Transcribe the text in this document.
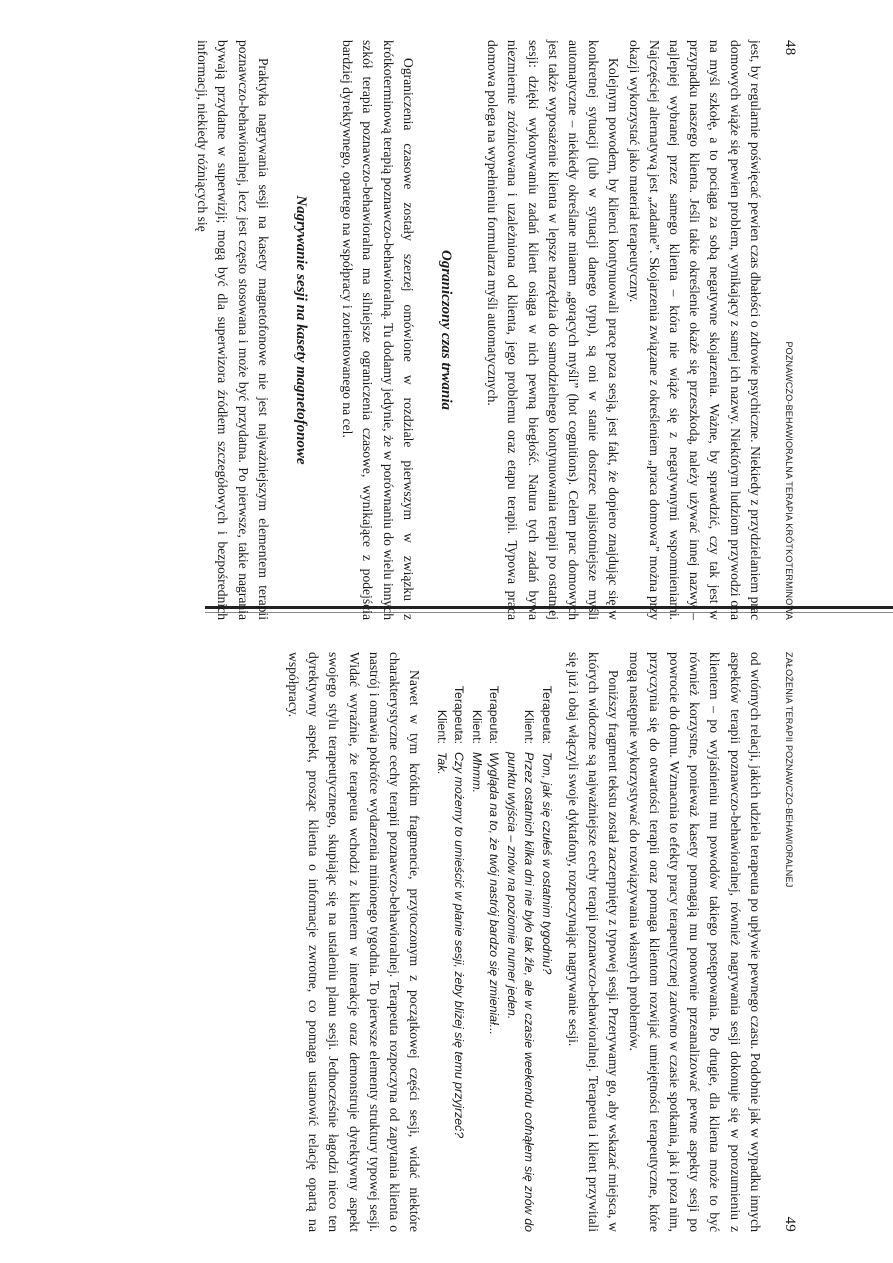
48
POZNAWCZO-BEHAWIORALNA TERAPIA KRÓTKOTERMINOWA

jest, by regularnie poświęcać pewien czas dbałości o zdrowie psychiczne. Niekiedy z przydzielaniem prac domowych wiąże się pewien problem, wynikający z samej ich nazwy. Niektórym ludziom przywodzi ona na myśl szkołę, a to pociąga za sobą negatywne skojarzenia. Ważne, by sprawdzić, czy tak jest w przypadku naszego klienta. Jeśli takie określenie okaże się przeszkodą, należy używać innej nazwy – najlepiej wybranej przez samego klienta – która nie wiąże się z negatywnymi wspomnieniami. Najczęściej alternatywą jest „zadanie”. Skojarzenia związane z określeniem „praca domowa” można przy okazji wykorzystać jako materiał terapeutyczny.

Kolejnym powodem, by klienci kontynuowali pracę poza sesją, jest fakt, że dopiero znajdując się w konkretnej sytuacji (lub w sytuacji danego typu), są oni w stanie dostrzec najistotniejsze myśli automatyczne – niekiedy określane mianem „gorących myśli” (hot cognitions). Celem prac domowych jest także wyposażenie klienta w lepsze narzędzia do samodzielnego kontynuowania terapii po ostatniej sesji: dzięki wykonywaniu zadań klient osiąga w nich pewną biegłość. Natura tych zadań bywa niezmiernie zróżnicowana i uzależniona od klienta, jego problemu oraz etapu terapii. Typowa praca domowa polega na wypełnieniu formularza myśli automatycznych.

Ograniczony czas trwania

Ograniczenia czasowe zostały szerzej omówione w rozdziale pierwszym w związku z krótkoterminową terapią poznawczo-behawioralną. Tu dodamy jedynie, że w porównaniu do wielu innych szkół terapia poznawczo-behawioralna ma silniejsze ograniczenia czasowe, wynikające z podejścia bardziej dyrektywnego, opartego na współpracy i zorientowanego na cel.

Nagrywanie sesji na kasety magnetofonowe

Praktyka nagrywania sesji na kasety magnetofonowe nie jest najważniejszym elementem terapii poznawczo-behawioralnej, lecz jest często stosowana i może być przydatna. Po pierwsze, takie nagrania bywają przydatne w superwizji; mogą być dla superwizora źródłem szczegółowych i bezpośrednich informacji, niekiedy różniących się

ZAŁOŻENIA TERAPII POZNAWCZO-BEHAWIORALNEJ
49

od wtórnych relacji, jakich udziela terapeuta po upływie pewnego czasu. Podobnie jak w wypadku innych aspektów terapii poznawczo-behawioralnej, również nagrywania sesji dokonuje się w porozumieniu z klientem – po wyjaśnieniu mu powodów takiego postępowania. Po drugie, dla klienta może to być również korzystne, ponieważ kasety pomagają mu ponownie przeanalizować pewne aspekty sesji po powrocie do domu. Wzmacnia to efekty pracy terapeutycznej zarówno w czasie spotkania, jak i poza nim, przyczynia się do otwartości terapii oraz pomaga klientom rozwijać umiejętności terapeutyczne, które mogą następnie wykorzystywać do rozwiązywania własnych problemów.

Poniższy fragment tekstu został zaczerpnięty z typowej sesji. Przerywamy go, aby wskazać miejsca, w których widoczne są najważniejsze cechy terapii poznawczo-behawioralnej. Terapeuta i klient przywitali się już i obaj włączyli swoje dyktafony, rozpoczynając nagrywanie sesji.

Terapeuta:
Tom, jak się czułeś w ostatnim tygodniu?
Klient:
Przez ostatnich kilka dni nie było tak źle, ale w czasie weekendu cofnąłem się znów do punktu wyjścia – znów na poziomie numer jeden.
Terapeuta:
Wygląda na to, że twój nastrój bardzo się zmieniał...
Klient:
Mhmm.
Terapeuta:
Czy możemy to umieścić w planie sesji, żeby bliżej się temu przyjrzeć?
Klient:
Tak.

Nawet w tym krótkim fragmencie, przytoczonym z początkowej części sesji, widać niektóre charakterystyczne cechy terapii poznawczo-behawioralnej. Terapeuta rozpoczyna od zapytania klienta o nastrój i omawia pokrótce wydarzenia minionego tygodnia. To pierwsze elementy struktury typowej sesji. Widać wyraźnie, że terapeuta wchodzi z klientem w interakcje oraz demonstruje dyrektywny aspekt swojego stylu terapeutycznego, skupiając się na ustaleniu planu sesji. Jednocześnie łagodzi nieco ten dyrektywny aspekt, prosząc klienta o informacje zwrotne, co pomaga ustanowić relację opartą na współpracy.
